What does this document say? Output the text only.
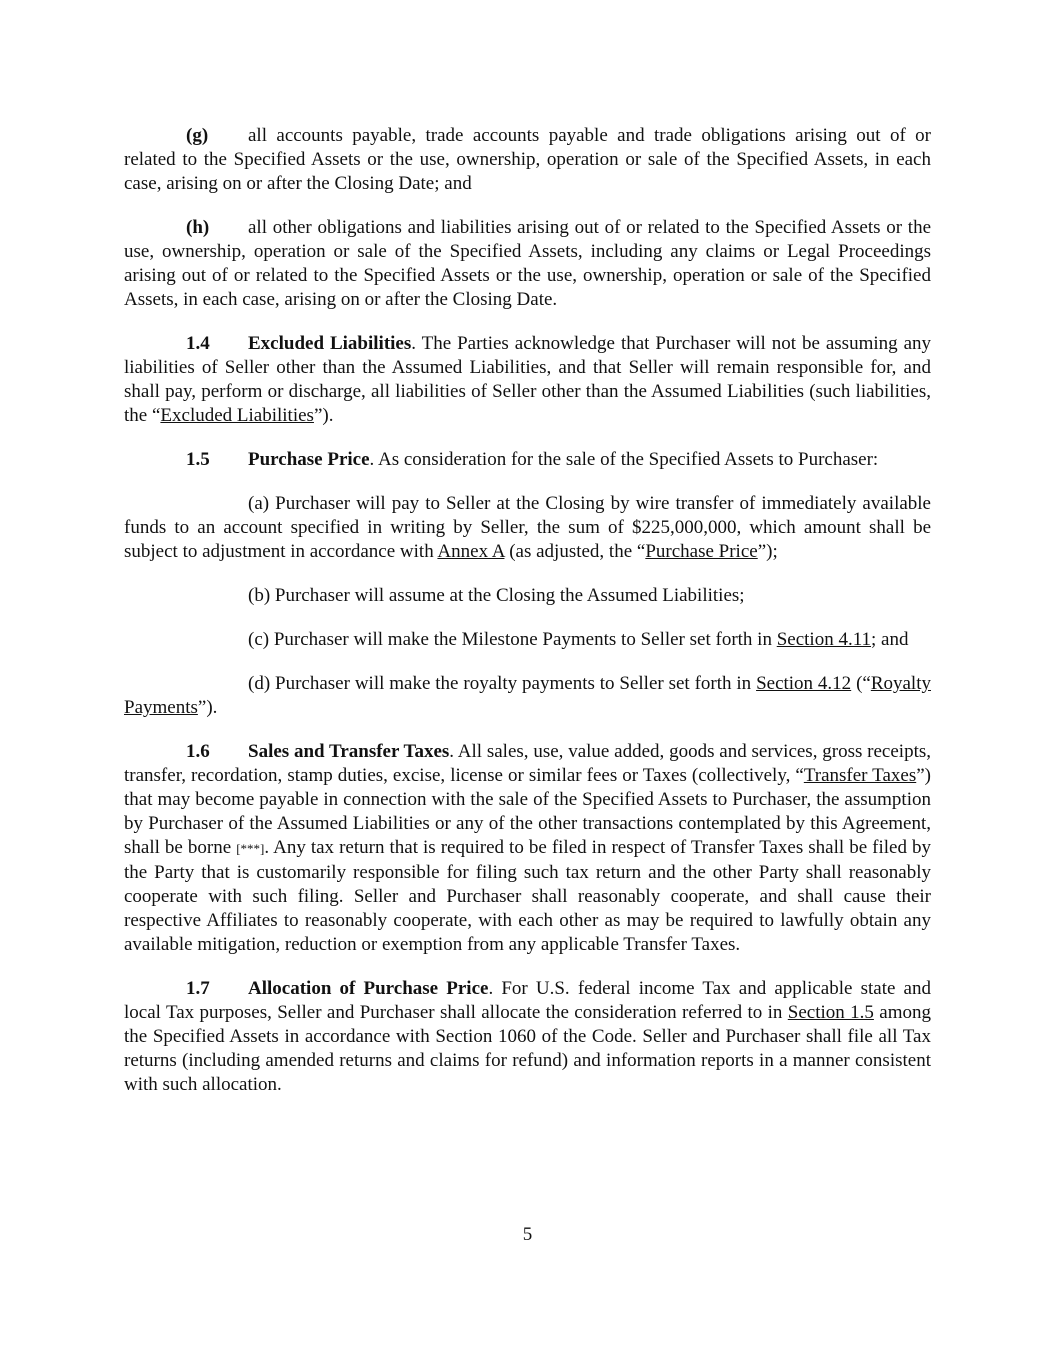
(g) all accounts payable, trade accounts payable and trade obligations arising out of or related to the Specified Assets or the use, ownership, operation or sale of the Specified Assets, in each case, arising on or after the Closing Date; and

(h) all other obligations and liabilities arising out of or related to the Specified Assets or the use, ownership, operation or sale of the Specified Assets, including any claims or Legal Proceedings arising out of or related to the Specified Assets or the use, ownership, operation or sale of the Specified Assets, in each case, arising on or after the Closing Date.

1.4 Excluded Liabilities. The Parties acknowledge that Purchaser will not be assuming any liabilities of Seller other than the Assumed Liabilities, and that Seller will remain responsible for, and shall pay, perform or discharge, all liabilities of Seller other than the Assumed Liabilities (such liabilities, the “Excluded Liabilities”).

1.5 Purchase Price. As consideration for the sale of the Specified Assets to Purchaser:

(a) Purchaser will pay to Seller at the Closing by wire transfer of immediately available funds to an account specified in writing by Seller, the sum of $225,000,000, which amount shall be subject to adjustment in accordance with Annex A (as adjusted, the “Purchase Price”);

(b) Purchaser will assume at the Closing the Assumed Liabilities;

(c) Purchaser will make the Milestone Payments to Seller set forth in Section 4.11; and

(d) Purchaser will make the royalty payments to Seller set forth in Section 4.12 (“Royalty Payments”).

1.6 Sales and Transfer Taxes. All sales, use, value added, goods and services, gross receipts, transfer, recordation, stamp duties, excise, license or similar fees or Taxes (collectively, “Transfer Taxes”) that may become payable in connection with the sale of the Specified Assets to Purchaser, the assumption by Purchaser of the Assumed Liabilities or any of the other transactions contemplated by this Agreement, shall be borne [***]. Any tax return that is required to be filed in respect of Transfer Taxes shall be filed by the Party that is customarily responsible for filing such tax return and the other Party shall reasonably cooperate with such filing. Seller and Purchaser shall reasonably cooperate, and shall cause their respective Affiliates to reasonably cooperate, with each other as may be required to lawfully obtain any available mitigation, reduction or exemption from any applicable Transfer Taxes.

1.7 Allocation of Purchase Price. For U.S. federal income Tax and applicable state and local Tax purposes, Seller and Purchaser shall allocate the consideration referred to in Section 1.5 among the Specified Assets in accordance with Section 1060 of the Code. Seller and Purchaser shall file all Tax returns (including amended returns and claims for refund) and information reports in a manner consistent with such allocation.

5
